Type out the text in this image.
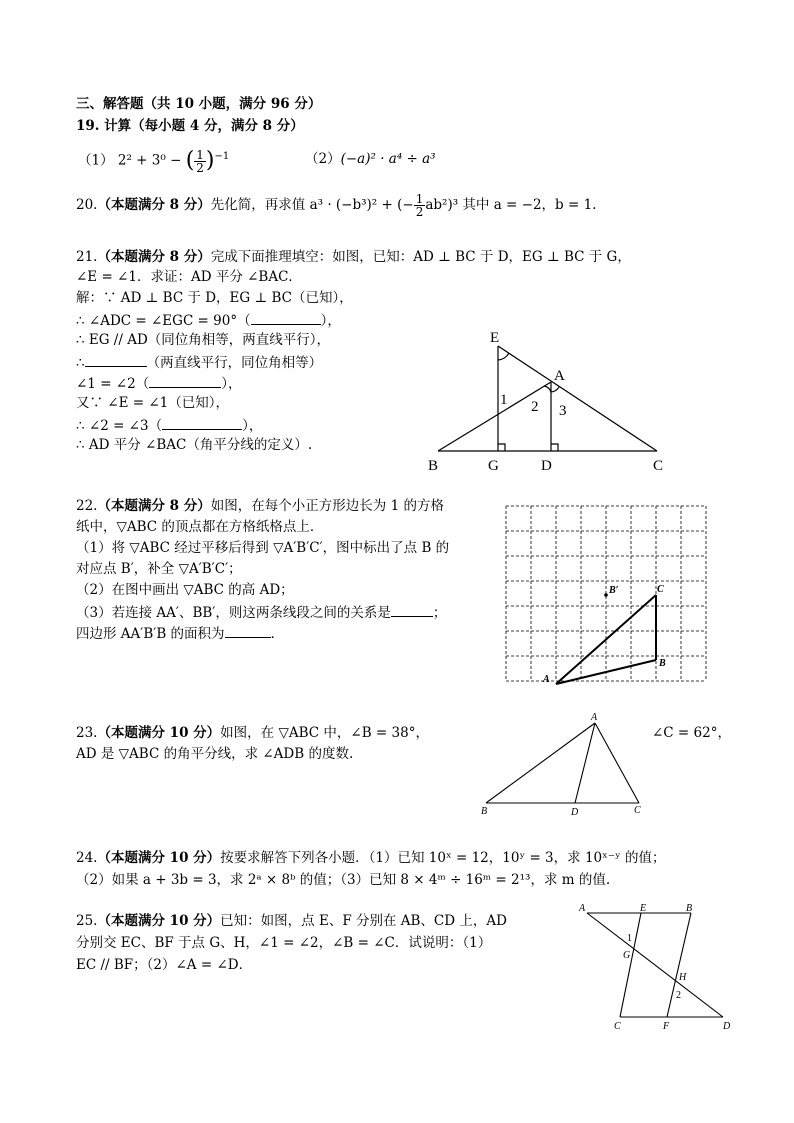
三、解答题（共 10 小题，满分 96 分）
19. 计算（每小题 4 分，满分 8 分）
（1） 2² + 3⁰ − ( $\frac{1}{2} )^{-1}$	（2）(−a)² · a⁴ ÷ a³
20.（本题满分 8 分）先化简，再求值 a³ · (−b³)² + (− $\frac{1}{2} ab^2)^3$ 其中 a = −2，b = 1.
21.（本题满分 8 分）完成下面推理填空：如图，已知：AD ⊥ BC 于 D，EG ⊥ BC 于 G，
∠E = ∠1．求证：AD 平分 ∠BAC．
解：∵ AD ⊥ BC 于 D，EG ⊥ BC（已知），
∴ ∠ADC = ∠EGC = 90°（	），
∴ EG // AD（同位角相等，两直线平行），
∴	（两直线平行，同位角相等）
∠1 = ∠2（	），
又∵ ∠E = ∠1（已知），
∴ ∠2 = ∠3（	），
∴ AD 平分 ∠BAC（角平分线的定义）.
E
A
B	G	D	C
1 2 3
22.（本题满分 8 分）如图，在每个小正方形边长为 1 的方格
纸中，▽ABC 的顶点都在方格纸格点上．
（1）将 ▽ABC 经过平移后得到 ▽A′B′C′，图中标出了点 B 的
对应点 B′，补全 ▽A′B′C′；
（2）在图中画出 ▽ABC 的高 AD；
（3）若连接 AA′、BB′，则这两条线段之间的关系是	；
四边形 AA′B′B 的面积为	．
A
B
C
B′
23.（本题满分 10 分）如图，在 ▽ABC 中，∠B = 38°，	∠C = 62°，
AD 是 ▽ABC 的角平分线，求 ∠ADB 的度数.
A
B	D	C
24.（本题满分 10 分）按要求解答下列各小题．（1）已知 10ˣ = 12，10ʸ = 3，求 10ˣ⁻ʸ 的值；
（2）如果 a + 3b = 3，求 2ᵃ × 8ᵇ 的值；（3）已知 8 × 4ᵐ ÷ 16ᵐ = 2¹³，求 m 的值.
25.（本题满分 10 分）已知：如图，点 E、F 分别在 AB、CD 上，AD
分别交 EC、BF 于点 G、H，∠1 = ∠2，∠B = ∠C．试说明：（1）
EC // BF；（2）∠A = ∠D．
A	E	B
G
H
C	F	D
1
2
